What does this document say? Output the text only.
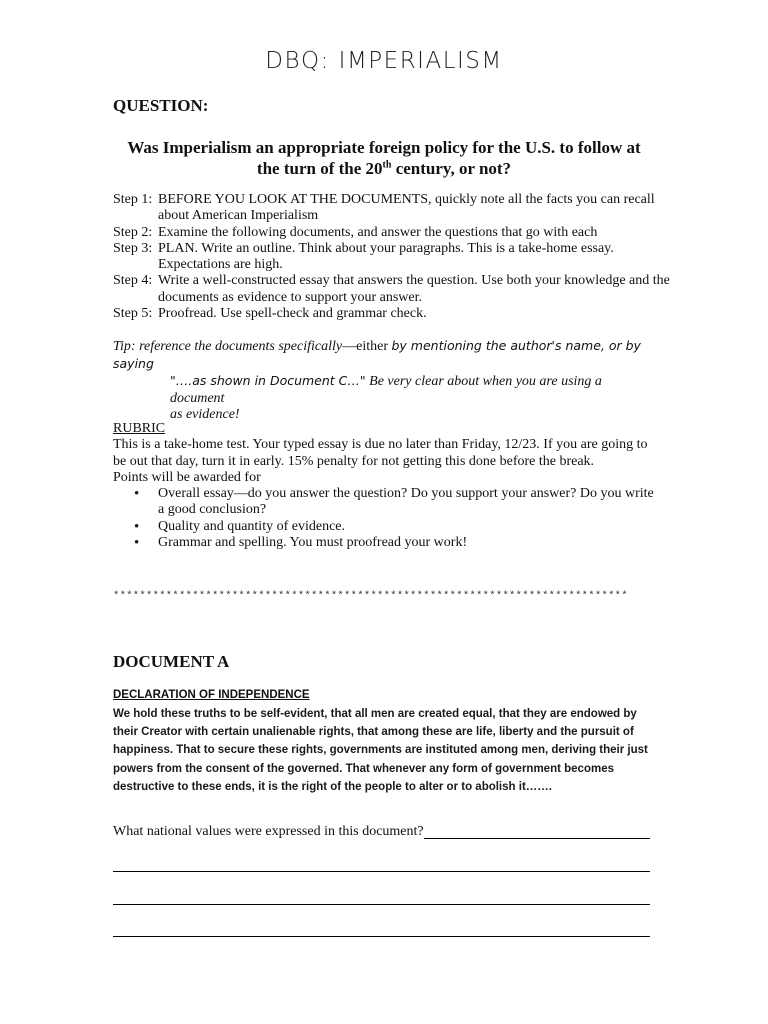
DBQ: IMPERIALISM
QUESTION:
Was Imperialism an appropriate foreign policy for the U.S. to follow at
the turn of the 20th century, or not?
Step 1: BEFORE YOU LOOK AT THE DOCUMENTS, quickly note all the facts you can recall about American Imperialism
Step 2: Examine the following documents, and answer the questions that go with each
Step 3: PLAN. Write an outline. Think about your paragraphs. This is a take-home essay. Expectations are high.
Step 4: Write a well-constructed essay that answers the question. Use both your knowledge and the documents as evidence to support your answer.
Step 5: Proofread. Use spell-check and grammar check.
Tip: reference the documents specifically—either by mentioning the author's name, or by saying
"….as shown in Document C…" Be very clear about when you are using a document
as evidence!
RUBRIC
This is a take-home test. Your typed essay is due no later than Friday, 12/23. If you are going to be out that day, turn it in early. 15% penalty for not getting this done before the break.
Points will be awarded for
• Overall essay—do you answer the question? Do you support your answer? Do you write a good conclusion?
• Quality and quantity of evidence.
• Grammar and spelling. You must proofread your work!
******************************************************************************
DOCUMENT A
DECLARATION OF INDEPENDENCE
We hold these truths to be self-evident, that all men are created equal, that they are endowed by their Creator with certain unalienable rights, that among these are life, liberty and the pursuit of happiness. That to secure these rights, governments are instituted among men, deriving their just powers from the consent of the governed. That whenever any form of government becomes destructive to these ends, it is the right of the people to alter or to abolish it…….
What national values were expressed in this document?
